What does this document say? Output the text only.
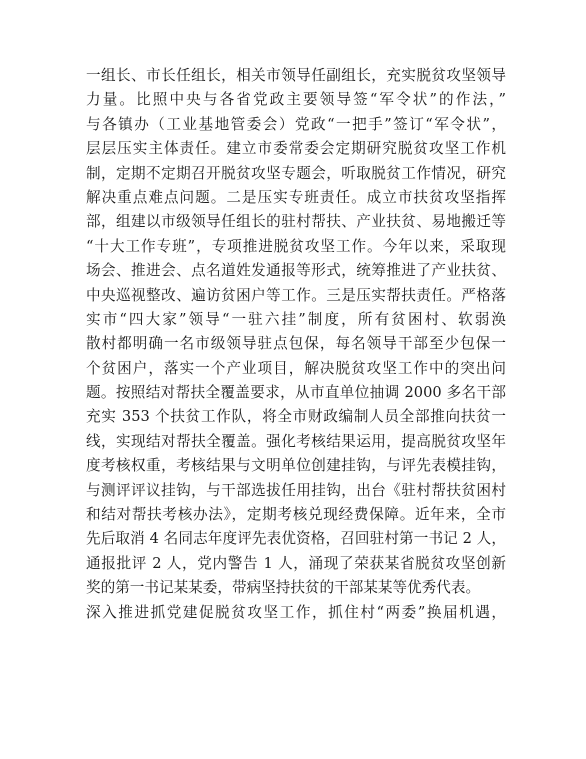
一组长、市长任组长，相关市领导任副组长，充实脱贫攻坚领导
力量。比照中央与各省党政主要领导签“军令状”的作法，”
与各镇办（工业基地管委会）党政“一把手”签订“军令状”，
层层压实主体责任。建立市委常委会定期研究脱贫攻坚工作机
制，定期不定期召开脱贫攻坚专题会，听取脱贫工作情况，研究
解决重点难点问题。二是压实专班责任。成立市扶贫攻坚指挥
部，组建以市级领导任组长的驻村帮扶、产业扶贫、易地搬迁等
“十大工作专班”，专项推进脱贫攻坚工作。今年以来，采取现
场会、推进会、点名道姓发通报等形式，统筹推进了产业扶贫、
中央巡视整改、遍访贫困户等工作。三是压实帮扶责任。严格落
实市“四大家”领导“一驻六挂”制度，所有贫困村、软弱涣
散村都明确一名市级领导驻点包保，每名领导干部至少包保一
个贫困户，落实一个产业项目，解决脱贫攻坚工作中的突出问
题。按照结对帮扶全覆盖要求，从市直单位抽调 2000 多名干部
充实 353 个扶贫工作队，将全市财政编制人员全部推向扶贫一
线，实现结对帮扶全覆盖。强化考核结果运用，提高脱贫攻坚年
度考核权重，考核结果与文明单位创建挂钩，与评先表模挂钩，
与测评评议挂钩，与干部选拔任用挂钩，出台《驻村帮扶贫困村
和结对帮扶考核办法》，定期考核兑现经费保障。近年来，全市
先后取消 4 名同志年度评先表优资格，召回驻村第一书记 2 人，
通报批评 2 人，党内警告 1 人，涌现了荣获某省脱贫攻坚创新
奖的第一书记某某委，带病坚持扶贫的干部某某等优秀代表。
深入推进抓党建促脱贫攻坚工作，抓住村“两委”换届机遇，
